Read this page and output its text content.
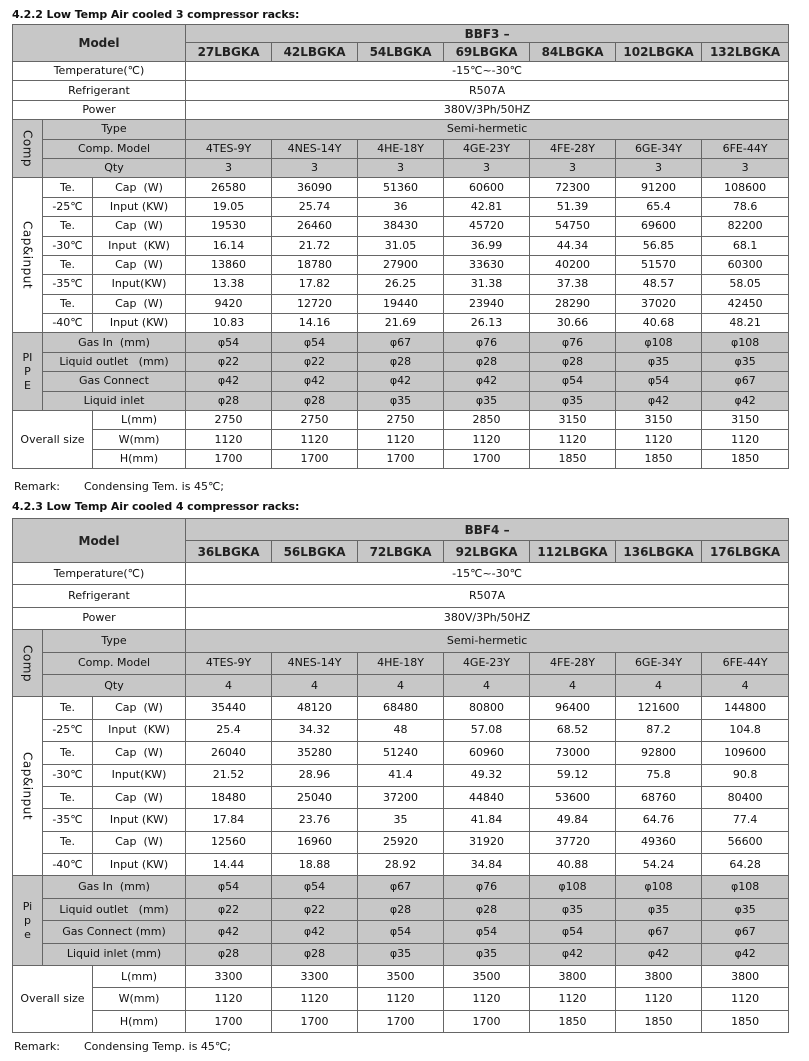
4.2.2 Low Temp Air cooled 3 compressor racks:
Model			BBF3 –						
			27LBGKA	42LBGKA	54LBGKA	69LBGKA	84LBGKA	102LBGKA	132LBGKA
Temperature(℃)			-15℃~-30℃						
Refrigerant			R507A						
Power			380V/3Ph/50HZ						
Comp	Type		Semi-hermetic						
	Comp. Model		4TES-9Y	4NES-14Y	4HE-18Y	4GE-23Y	4FE-28Y	6GE-34Y	6FE-44Y
	Qty		3	3	3	3	3	3	3
Cap&input	Te.	Cap  (W)	26580	36090	51360	60600	72300	91200	108600
	-25℃	Input (KW)	19.05	25.74	36	42.81	51.39	65.4	78.6
	Te.	Cap  (W)	19530	26460	38430	45720	54750	69600	82200
	-30℃	Input  (KW)	16.14	21.72	31.05	36.99	44.34	56.85	68.1
	Te.	Cap  (W)	13860	18780	27900	33630	40200	51570	60300
	-35℃	Input(KW)	13.38	17.82	26.25	31.38	37.38	48.57	58.05
	Te.	Cap  (W)	9420	12720	19440	23940	28290	37020	42450
	-40℃	Input (KW)	10.83	14.16	21.69	26.13	30.66	40.68	48.21

PI
P
E	Gas In  (mm)		φ54	φ54	φ67	φ76	φ76	φ108	φ108
	Liquid outlet   (mm)		φ22	φ22	φ28	φ28	φ28	φ35	φ35
	Gas Connect		φ42	φ42	φ42	φ42	φ54	φ54	φ67
	Liquid inlet		φ28	φ28	φ35	φ35	φ35	φ42	φ42
Overall size		L(mm)	2750	2750	2750	2850	3150	3150	3150
		W(mm)	1120	1120	1120	1120	1120	1120	1120
		H(mm)	1700	1700	1700	1700	1850	1850	1850
Remark: Condensing Tem. is 45℃;
4.2.3 Low Temp Air cooled 4 compressor racks:
Model			BBF4 –						
			36LBGKA	56LBGKA	72LBGKA	92LBGKA	112LBGKA	136LBGKA	176LBGKA
Temperature(℃)			-15℃~-30℃						
Refrigerant			R507A						
Power			380V/3Ph/50HZ						
Comp	Type		Semi-hermetic						
	Comp. Model		4TES-9Y	4NES-14Y	4HE-18Y	4GE-23Y	4FE-28Y	6GE-34Y	6FE-44Y
	Qty		4	4	4	4	4	4	4
Cap&input	Te.	Cap  (W)	35440	48120	68480	80800	96400	121600	144800
	-25℃	Input  (KW)	25.4	34.32	48	57.08	68.52	87.2	104.8
	Te.	Cap  (W)	26040	35280	51240	60960	73000	92800	109600
	-30℃	Input(KW)	21.52	28.96	41.4	49.32	59.12	75.8	90.8
	Te.	Cap  (W)	18480	25040	37200	44840	53600	68760	80400
	-35℃	Input (KW)	17.84	23.76	35	41.84	49.84	64.76	77.4
	Te.	Cap  (W)	12560	16960	25920	31920	37720	49360	56600
	-40℃	Input (KW)	14.44	18.88	28.92	34.84	40.88	54.24	64.28

Pi
p
e	Gas In  (mm)		φ54	φ54	φ67	φ76	φ108	φ108	φ108
	Liquid outlet   (mm)		φ22	φ22	φ28	φ28	φ35	φ35	φ35
	Gas Connect (mm)		φ42	φ42	φ54	φ54	φ54	φ67	φ67
	Liquid inlet (mm)		φ28	φ28	φ35	φ35	φ42	φ42	φ42
Overall size		L(mm)	3300	3300	3500	3500	3800	3800	3800
		W(mm)	1120	1120	1120	1120	1120	1120	1120
		H(mm)	1700	1700	1700	1700	1850	1850	1850
Remark: Condensing Temp. is 45℃;
